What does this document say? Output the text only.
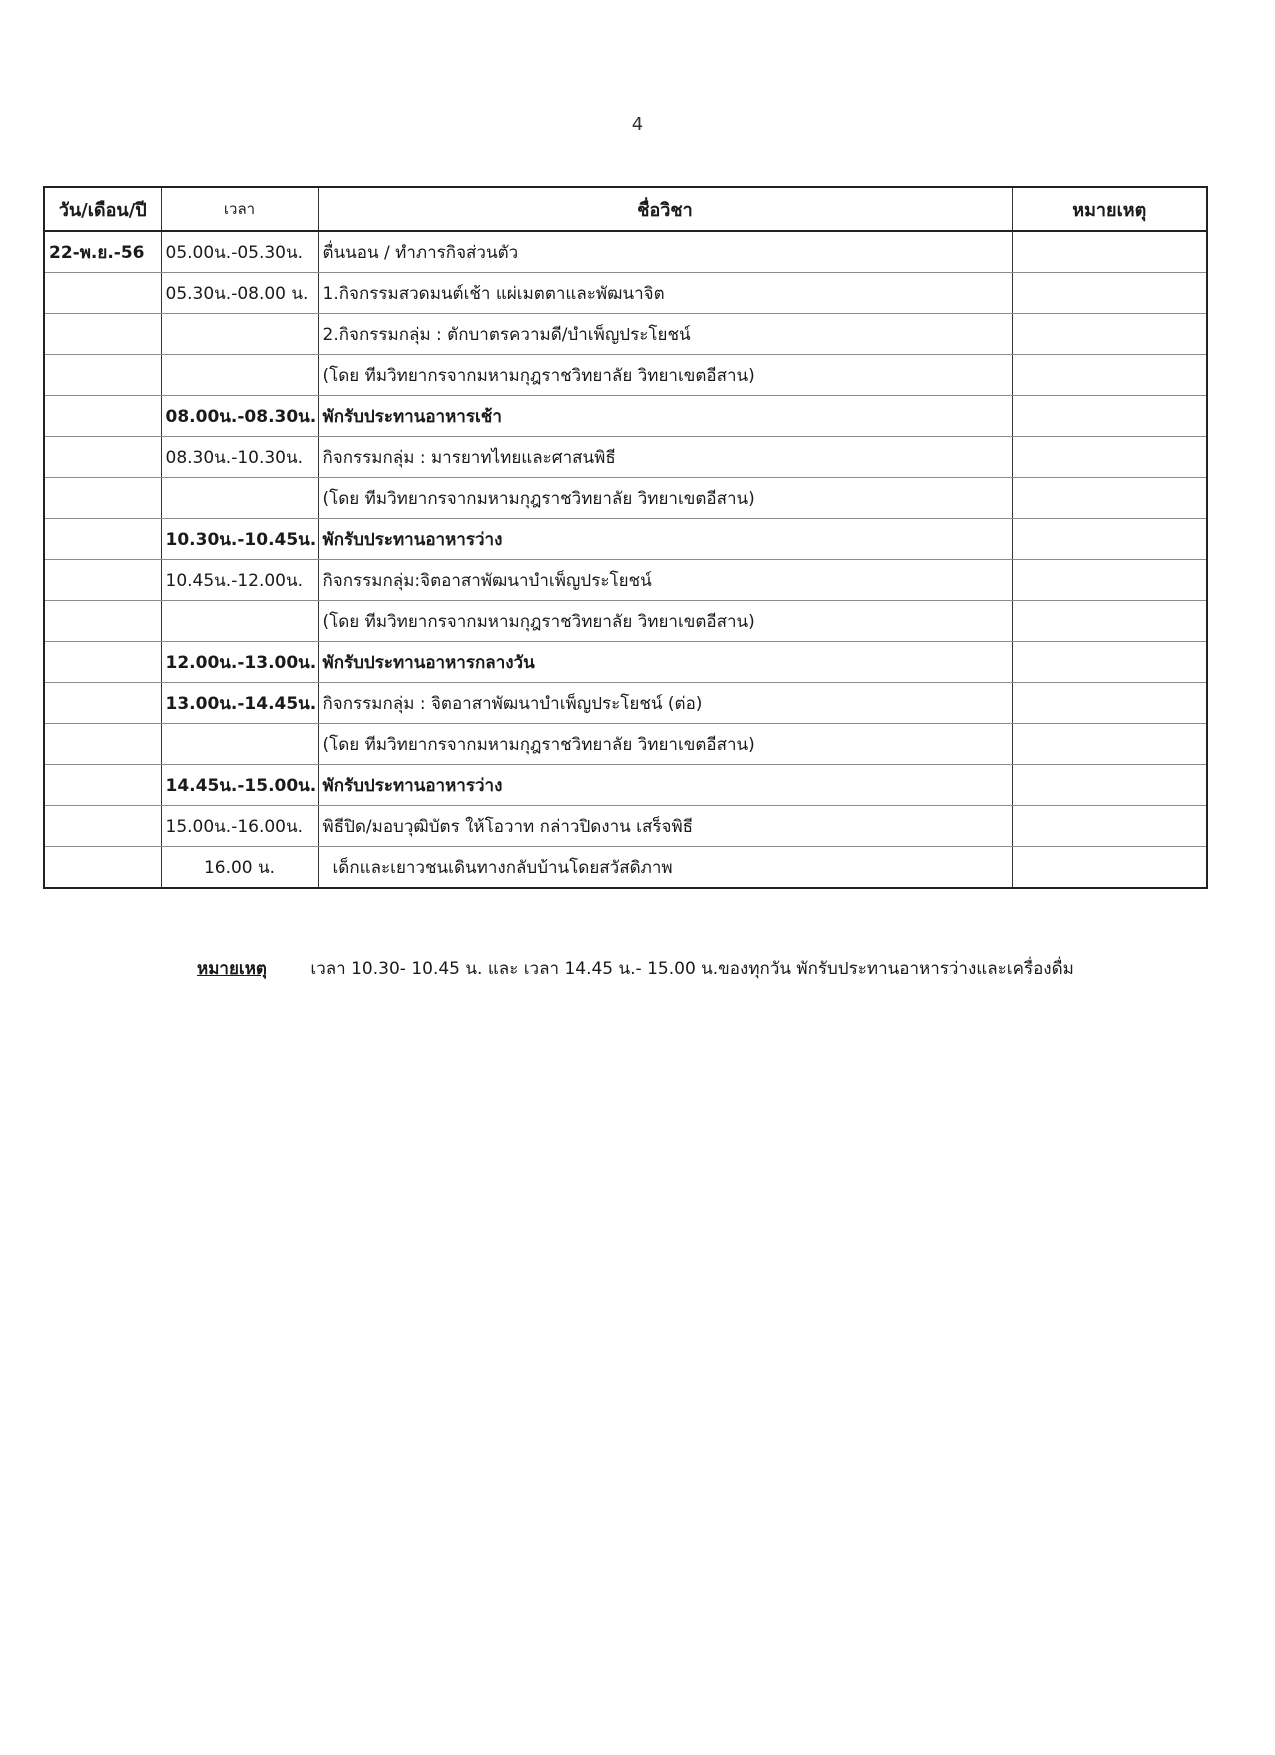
4
วัน/เดือน/ปี	เวลา	ชื่อวิชา	หมายเหตุ
22-พ.ย.-56	05.00น.-05.30น.	ตื่นนอน / ทำภารกิจส่วนตัว	
	05.30น.-08.00 น.	1.กิจกรรมสวดมนต์เช้า แผ่เมตตาและพัฒนาจิต	
		2.กิจกรรมกลุ่ม : ตักบาตรความดี/บำเพ็ญประโยชน์	
		(โดย ทีมวิทยากรจากมหามกุฎราชวิทยาลัย วิทยาเขตอีสาน)	
	08.00น.-08.30น.	พักรับประทานอาหารเช้า	
	08.30น.-10.30น.	กิจกรรมกลุ่ม : มารยาทไทยและศาสนพิธี	
		(โดย ทีมวิทยากรจากมหามกุฎราชวิทยาลัย วิทยาเขตอีสาน)	
	10.30น.-10.45น.	พักรับประทานอาหารว่าง	
	10.45น.-12.00น.	กิจกรรมกลุ่ม:จิตอาสาพัฒนาบำเพ็ญประโยชน์	
		(โดย ทีมวิทยากรจากมหามกุฎราชวิทยาลัย วิทยาเขตอีสาน)	
	12.00น.-13.00น.	พักรับประทานอาหารกลางวัน	
	13.00น.-14.45น.	กิจกรรมกลุ่ม : จิตอาสาพัฒนาบำเพ็ญประโยชน์ (ต่อ)	
		(โดย ทีมวิทยากรจากมหามกุฎราชวิทยาลัย วิทยาเขตอีสาน)	
	14.45น.-15.00น.	พักรับประทานอาหารว่าง	
	15.00น.-16.00น.	พิธีปิด/มอบวุฒิบัตร ให้โอวาท กล่าวปิดงาน เสร็จพิธี	
	16.00 น.	เด็กและเยาวชนเดินทางกลับบ้านโดยสวัสดิภาพ	
หมายเหตุ	เวลา 10.30- 10.45 น. และ เวลา 14.45 น.- 15.00 น.ของทุกวัน พักรับประทานอาหารว่างและเครื่องดื่ม
